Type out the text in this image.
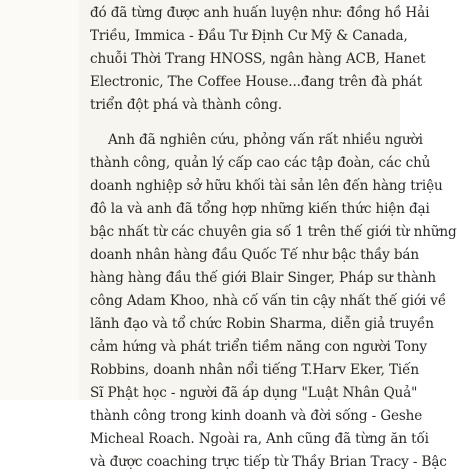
đó đã từng được anh huấn luyện như: đồng hồ Hải
Triều, Immica - Đầu Tư Định Cư Mỹ & Canada,
chuỗi Thời Trang HNOSS, ngân hàng ACB, Hanet
Electronic, The Coffee House...đang trên đà phát
triển đột phá và thành công.
Anh đã nghiên cứu, phỏng vấn rất nhiều người
thành công, quản lý cấp cao các tập đoàn, các chủ
doanh nghiệp sở hữu khối tài sản lên đến hàng triệu
đô la và anh đã tổng hợp những kiến thức hiện đại
bậc nhất từ các chuyên gia số 1 trên thế giới từ những
doanh nhân hàng đầu Quốc Tế như bậc thầy bán
hàng hàng đầu thế giới Blair Singer, Pháp sư thành
công Adam Khoo, nhà cố vấn tin cậy nhất thế giới về
lãnh đạo và tổ chức Robin Sharma, diễn giả truyền
cảm hứng và phát triển tiềm năng con người Tony
Robbins, doanh nhân nổi tiếng T.Harv Eker, Tiến
Sĩ Phật học - người đã áp dụng "Luật Nhân Quả"
thành công trong kinh doanh và đời sống - Geshe
Micheal Roach. Ngoài ra, Anh cũng đã từng ăn tối
và được coaching trực tiếp từ Thầy Brian Tracy - Bậc
